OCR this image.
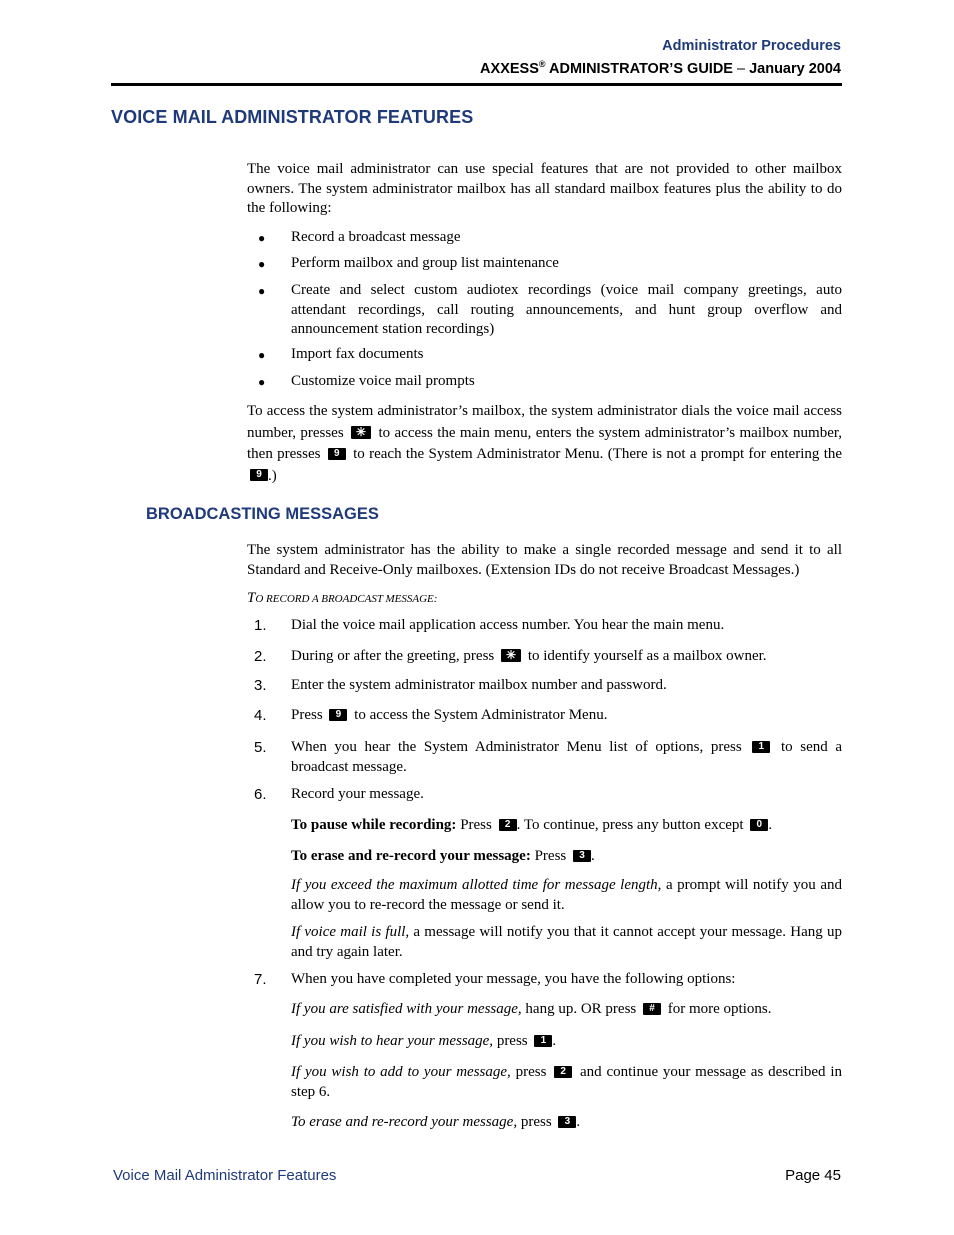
Administrator Procedures
AXXESS® ADMINISTRATOR’S GUIDE – January 2004
VOICE MAIL ADMINISTRATOR FEATURES
The voice mail administrator can use special features that are not provided to other mailbox owners. The system administrator mailbox has all standard mailbox features plus the ability to do the following:
● Record a broadcast message
● Perform mailbox and group list maintenance
● Create and select custom audiotex recordings (voice mail company greetings, auto attendant recordings, call routing announcements, and hunt group overflow and announcement station recordings)
● Import fax documents
● Customize voice mail prompts
To access the system administrator’s mailbox, the system administrator dials the voice mail access number, presses ✳ to access the main menu, enters the system administrator’s mailbox number, then presses 9 to reach the System Administrator Menu. (There is not a prompt for entering the 9 .)
BROADCASTING MESSAGES
The system administrator has the ability to make a single recorded message and send it to all Standard and Receive-Only mailboxes. (Extension IDs do not receive Broadcast Messages.)
TO RECORD A BROADCAST MESSAGE:
1. Dial the voice mail application access number. You hear the main menu.
2. During or after the greeting, press ✳ to identify yourself as a mailbox owner.
3. Enter the system administrator mailbox number and password.
4. Press 9 to access the System Administrator Menu.
5. When you hear the System Administrator Menu list of options, press 1 to send a broadcast message.
6. Record your message.
To pause while recording: Press 2 . To continue, press any button except 0 .
To erase and re-record your message: Press 3 .
If you exceed the maximum allotted time for message length, a prompt will notify you and allow you to re-record the message or send it.
If voice mail is full, a message will notify you that it cannot accept your message. Hang up and try again later.
7. When you have completed your message, you have the following options:
If you are satisfied with your message, hang up. OR press # for more options.
If you wish to hear your message, press 1 .
If you wish to add to your message, press 2 and continue your message as described in step 6.
To erase and re-record your message, press 3 .
Voice Mail Administrator Features	Page 45
